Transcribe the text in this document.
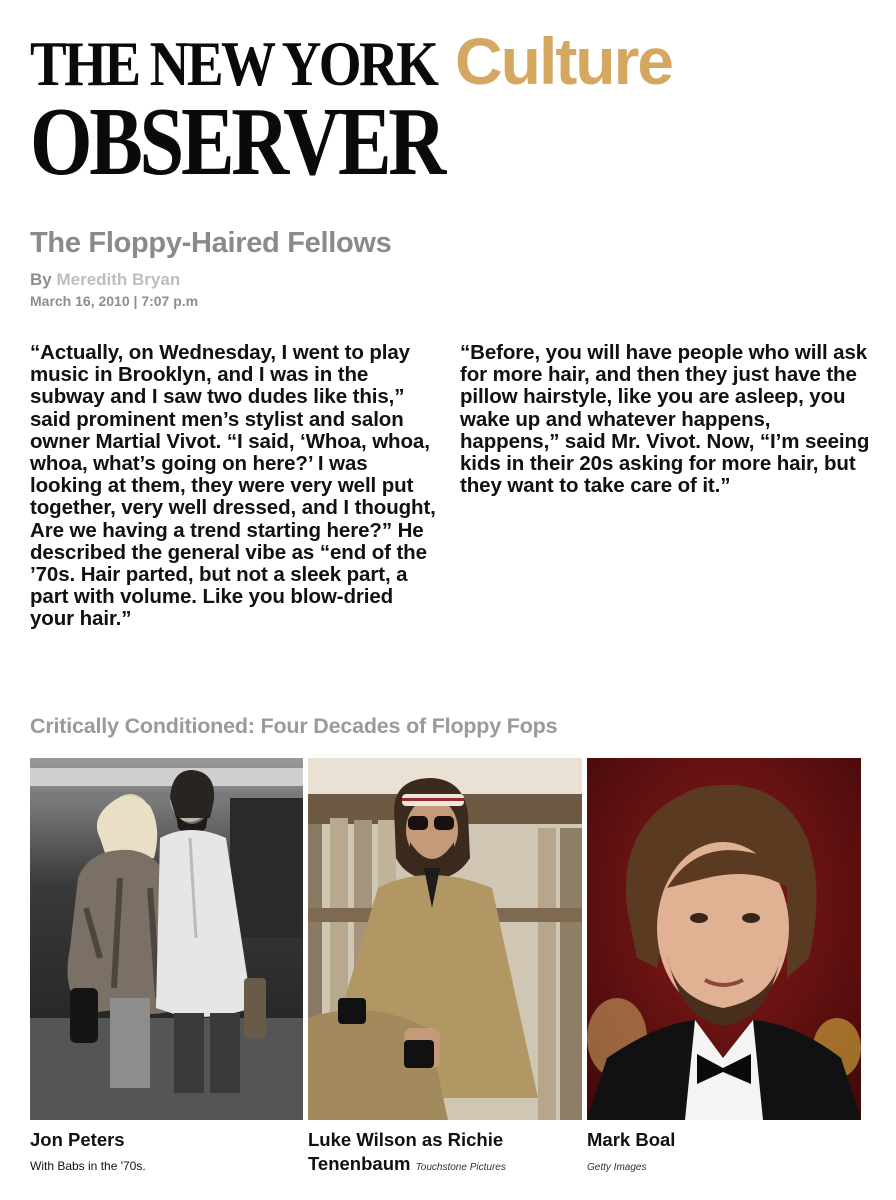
THE NEW YORK
OBSERVER
Culture
The Floppy-Haired Fellows
By Meredith Bryan
March 16, 2010 | 7:07 p.m
“Actually, on Wednesday, I went to play music in Brooklyn, and I was in the subway and I saw two dudes like this,” said prominent men’s stylist and salon owner Martial Vivot. “I said, ‘Whoa, whoa, whoa, what’s going on here?’ I was looking at them, they were very well put together, very well dressed, and I thought, Are we having a trend starting here?” He described the general vibe as “end of the ’70s. Hair parted, but not a sleek part, a part with volume. Like you blow-dried your hair.”
“Before, you will have people who will ask for more hair, and then they just have the pillow hairstyle, like you are asleep, you wake up and whatever happens, happens,” said Mr. Vivot. Now, “I’m seeing kids in their 20s asking for more hair, but they want to take care of it.”
Critically Conditioned: Four Decades of Floppy Fops
Jon Peters
With Babs in the '70s.
Luke Wilson as Richie
Tenenbaum Touchstone Pictures
Mark Boal
Getty Images
